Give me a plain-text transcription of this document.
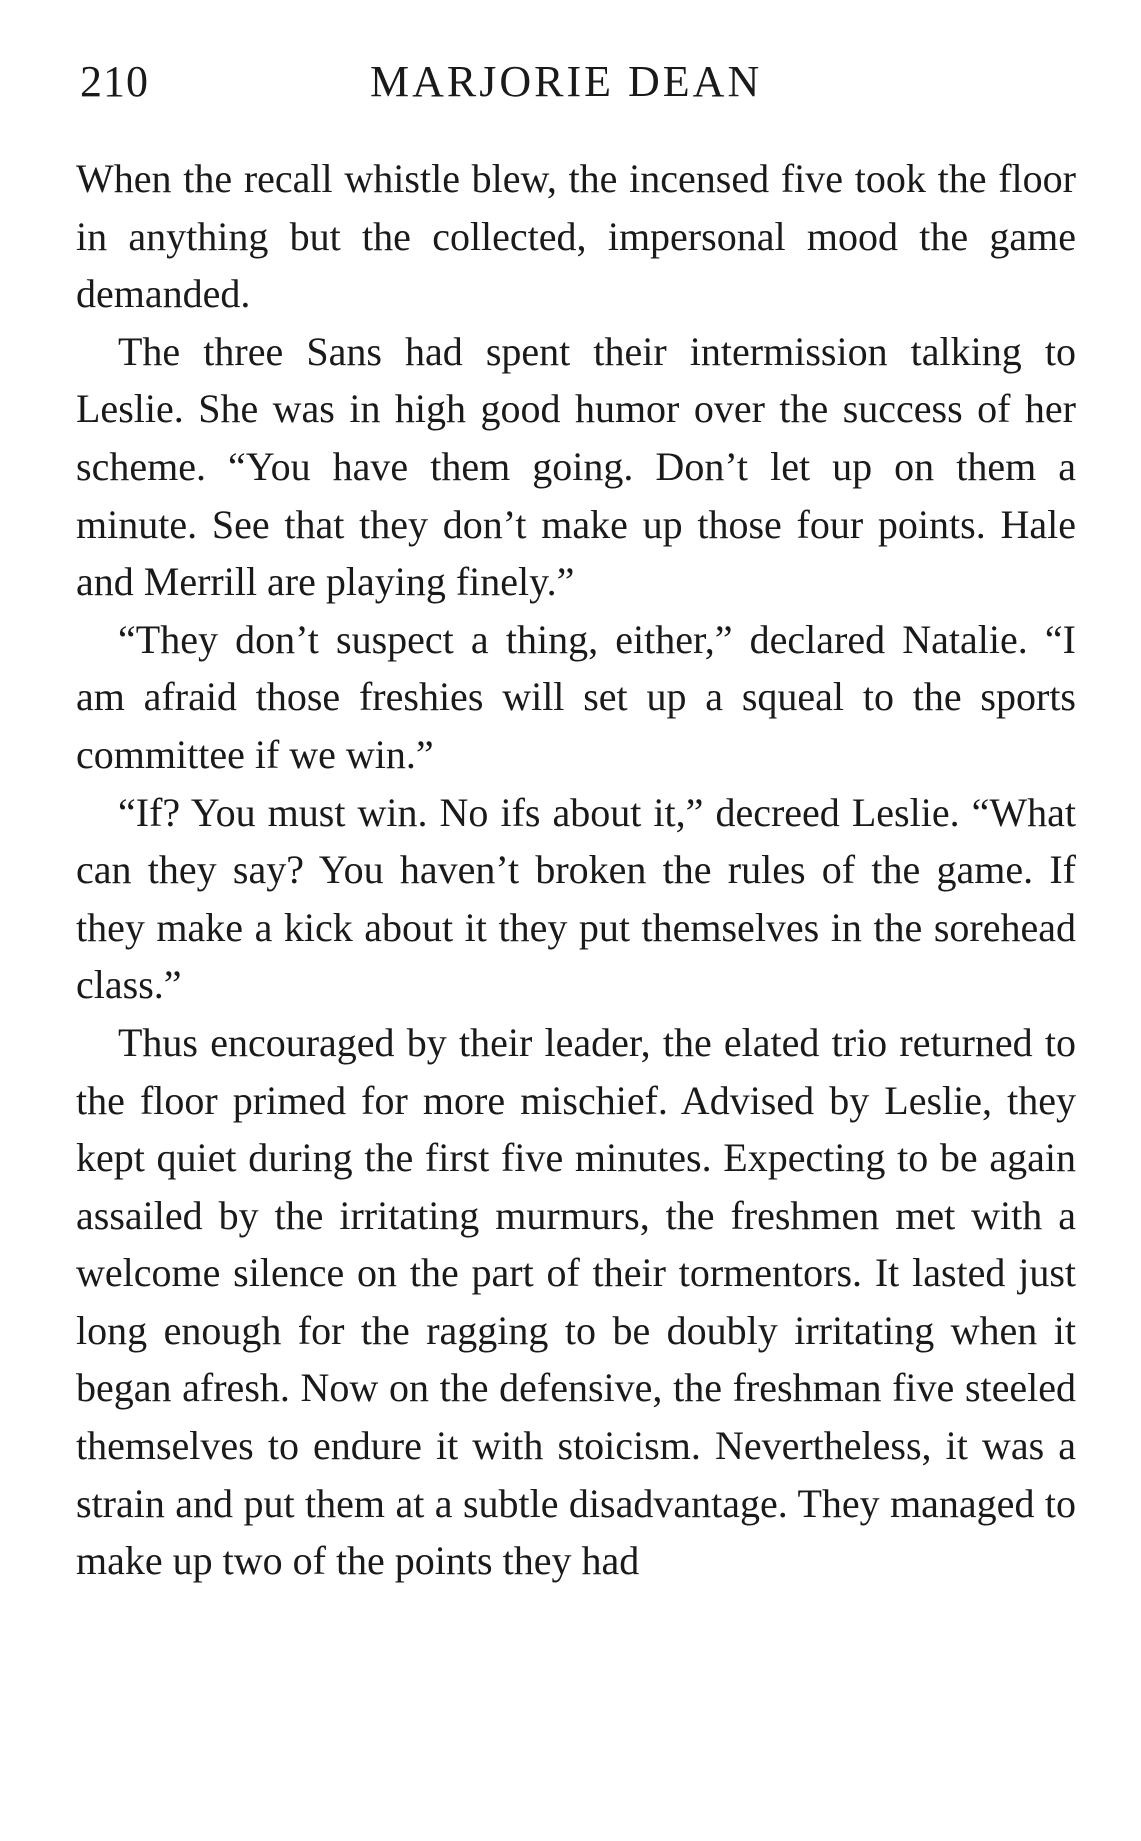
210	MARJORIE DEAN

When the recall whistle blew, the incensed five took the floor in anything but the collected, impersonal mood the game demanded.

The three Sans had spent their intermission talking to Leslie. She was in high good humor over the success of her scheme. “You have them going. Don’t let up on them a minute. See that they don’t make up those four points. Hale and Merrill are playing finely.”

“They don’t suspect a thing, either,” declared Natalie. “I am afraid those freshies will set up a squeal to the sports committee if we win.”

“If? You must win. No ifs about it,” decreed Leslie. “What can they say? You haven’t broken the rules of the game. If they make a kick about it they put themselves in the sorehead class.”

Thus encouraged by their leader, the elated trio returned to the floor primed for more mischief. Advised by Leslie, they kept quiet during the first five minutes. Expecting to be again assailed by the irritating murmurs, the freshmen met with a welcome silence on the part of their tormentors. It lasted just long enough for the ragging to be doubly irritating when it began afresh. Now on the defensive, the freshman five steeled themselves to endure it with stoicism. Nevertheless, it was a strain and put them at a subtle disadvantage. They managed to make up two of the points they had
